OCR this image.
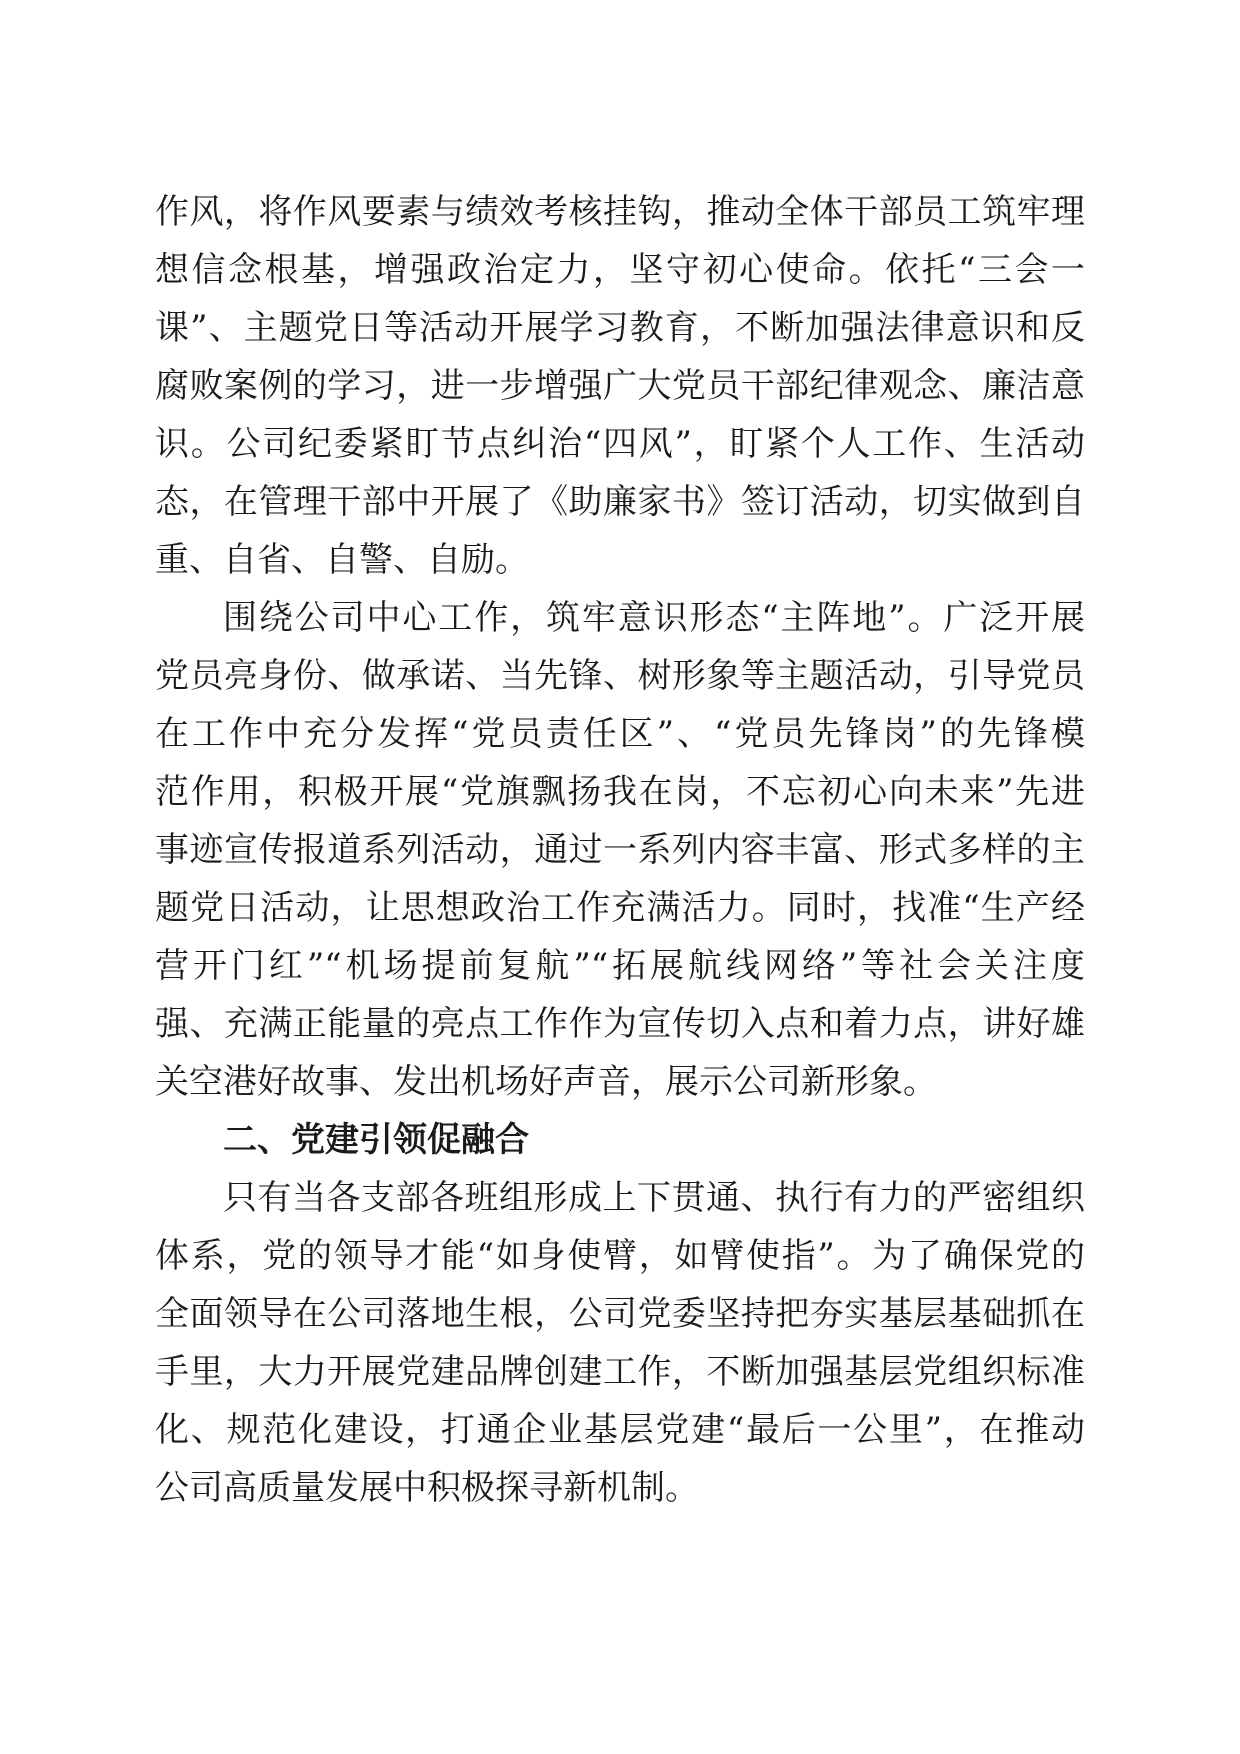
作风，将作风要素与绩效考核挂钩，推动全体干部员工筑牢理
想信念根基，增强政治定力，坚守初心使命。依托“三会一
课”、主题党日等活动开展学习教育，不断加强法律意识和反
腐败案例的学习，进一步增强广大党员干部纪律观念、廉洁意
识。公司纪委紧盯节点纠治“四风”，盯紧个人工作、生活动
态，在管理干部中开展了《助廉家书》签订活动，切实做到自
重、自省、自警、自励。
围绕公司中心工作，筑牢意识形态“主阵地”。广泛开展
党员亮身份、做承诺、当先锋、树形象等主题活动，引导党员
在工作中充分发挥“党员责任区”、“党员先锋岗”的先锋模
范作用，积极开展“党旗飘扬我在岗，不忘初心向未来”先进
事迹宣传报道系列活动，通过一系列内容丰富、形式多样的主
题党日活动，让思想政治工作充满活力。同时，找准“生产经
营开门红”“机场提前复航”“拓展航线网络”等社会关注度
强、充满正能量的亮点工作作为宣传切入点和着力点，讲好雄
关空港好故事、发出机场好声音，展示公司新形象。
二、党建引领促融合
只有当各支部各班组形成上下贯通、执行有力的严密组织
体系，党的领导才能“如身使臂，如臂使指”。为了确保党的
全面领导在公司落地生根，公司党委坚持把夯实基层基础抓在
手里，大力开展党建品牌创建工作，不断加强基层党组织标准
化、规范化建设，打通企业基层党建“最后一公里”，在推动
公司高质量发展中积极探寻新机制。
